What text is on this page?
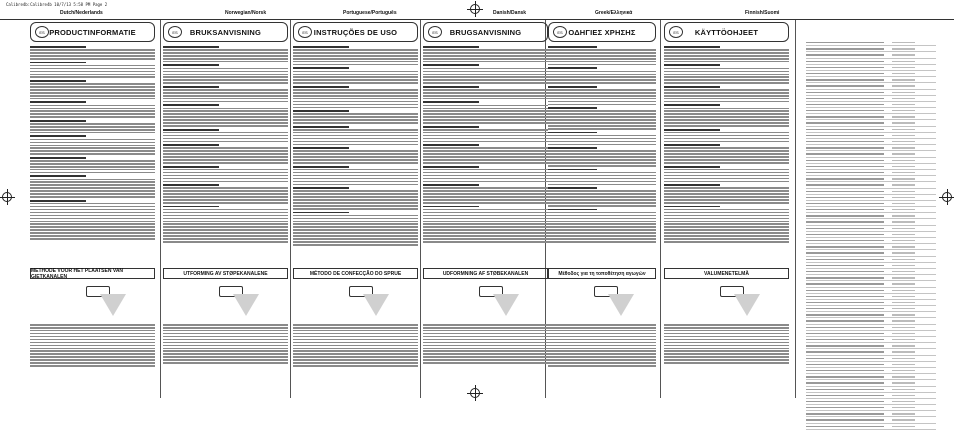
Calibre4b:Calibre4b 10/7/13 5:58 PM Page 2
Dutch/Nederlands	Norwegian/Norsk	Portuguese/Português	Danish/Dansk	Greek/Ελληνικά	Finnish/Suomi
ES PRODUCTINFORMATIE
METHODE VOOR HET PLAATSEN VAN GIETKANALEN
ES	BRUKSANVISNING
UTFORMING AV STØPEKANALENE
ES INSTRUÇÕES DE USO
MÉTODO DE CONFECÇÃO DO SPRUE
ES	BRUGSANVISNING
UDFORMNING AF STØBEKANALEN
ES ΟΔΗΓΙΕΣ ΧΡΗΣΗΣ
Μέθοδος για τη τοποθέτηση αγωγών
ES	KÄYTTÖOHJEET
VALUMENETELMÄ
